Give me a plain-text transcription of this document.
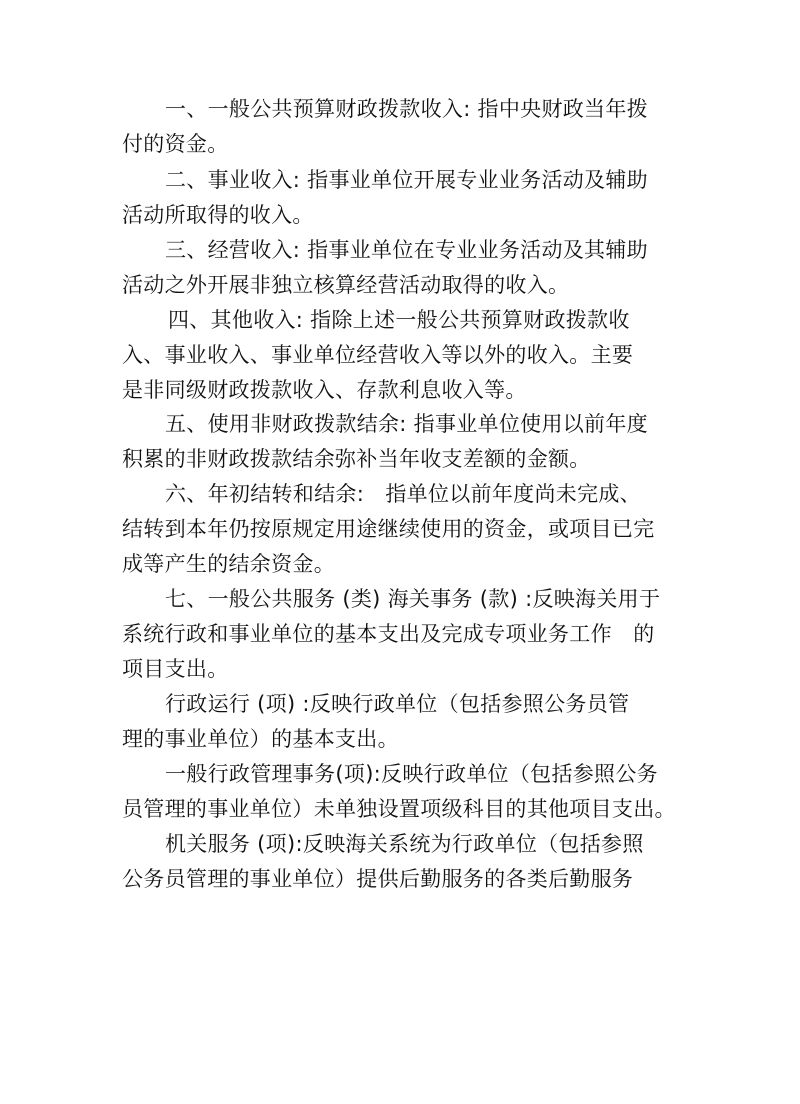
一、一般公共预算财政拨款收入: 指中央财政当年拨
付的资金。
二、事业收入: 指事业单位开展专业业务活动及辅助
活动所取得的收入。
三、经营收入: 指事业单位在专业业务活动及其辅助
活动之外开展非独立核算经营活动取得的收入。
四、其他收入: 指除上述一般公共预算财政拨款收
入、事业收入、事业单位经营收入等以外的收入。主要
是非同级财政拨款收入、存款利息收入等。
五、使用非财政拨款结余: 指事业单位使用以前年度
积累的非财政拨款结余弥补当年收支差额的金额。
六、年初结转和结余:　指单位以前年度尚未完成、
结转到本年仍按原规定用途继续使用的资金，或项目已完
成等产生的结余资金。
七、一般公共服务 (类) 海关事务 (款) :反映海关用于
系统行政和事业单位的基本支出及完成专项业务工作　的
项目支出。
行政运行 (项) :反映行政单位（包括参照公务员管
理的事业单位）的基本支出。
一般行政管理事务(项):反映行政单位（包括参照公务
员管理的事业单位）未单独设置项级科目的其他项目支出。
机关服务 (项):反映海关系统为行政单位（包括参照
公务员管理的事业单位）提供后勤服务的各类后勤服务
